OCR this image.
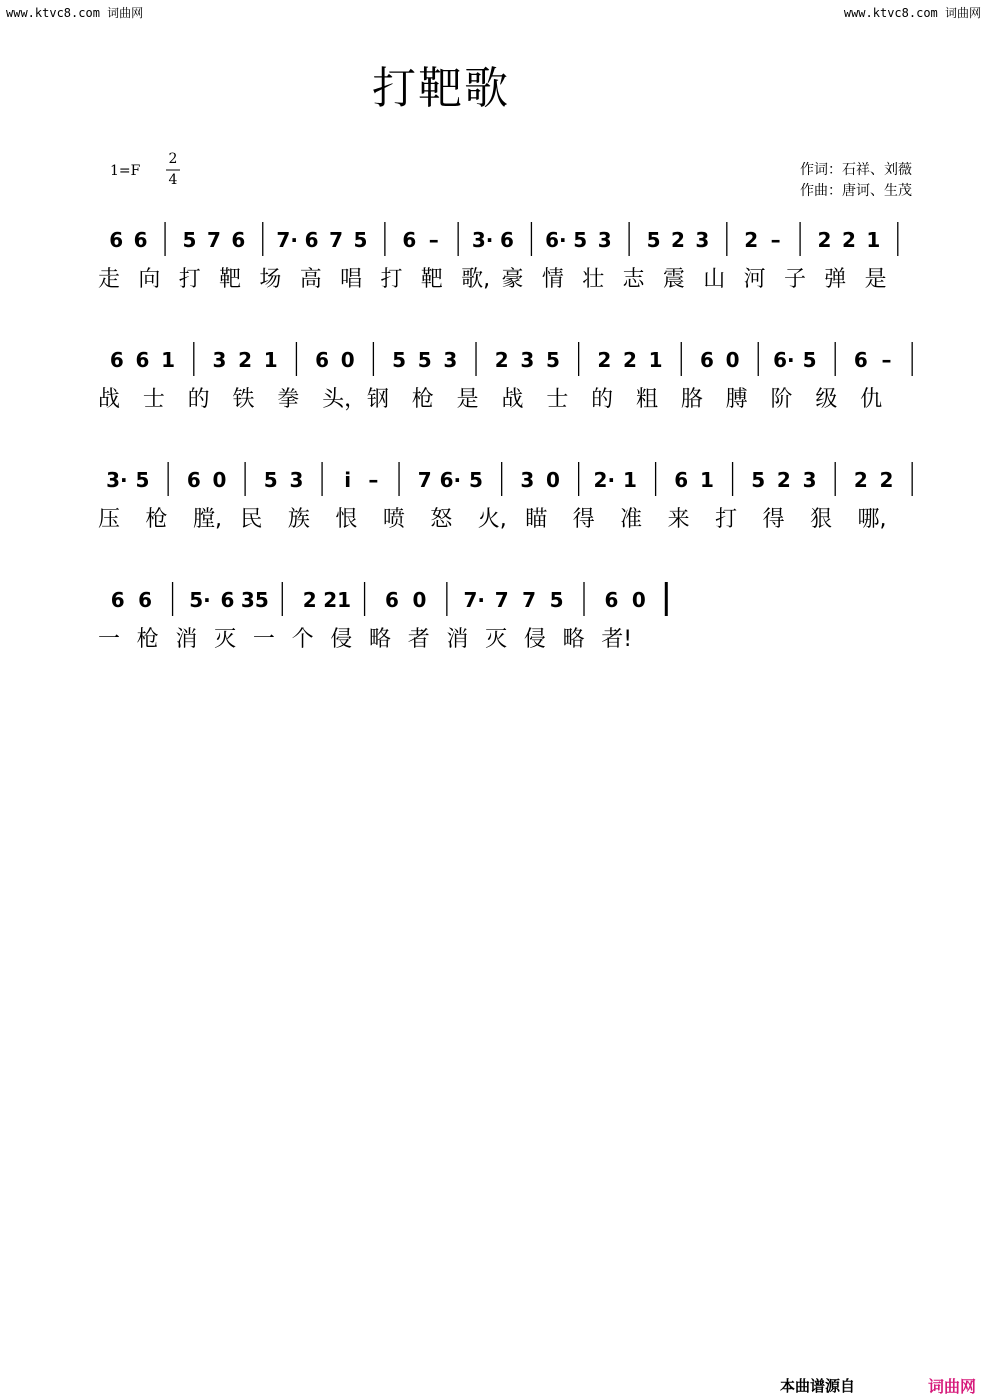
www.ktvc8.com 词曲网	www.ktvc8.com 词曲网
打靶歌
1=F
2
4
作词：石祥、刘薇
作曲：唐诃、生茂
6 6 5 7 6 7· 6 7 5 6 – 3· 6 6· 5 3 5 2 3 2 – 2 2 1
走 向 打 靶 场 高 唱 打 靶 歌, 豪 情 壮 志 震 山 河 子 弹 是
6 6 1 3 2 1 6 0 5 5 3 2 3 5 2 2 1 6 0 6· 5 6 –
战 士 的 铁 拳 头， 钢 枪 是 战 士 的 粗 胳 膊 阶 级 仇
3· 5 6 0 5 3 i – 7 6· 5 3 0 2· 1 6 1 5 2 3 2 2
压 枪 膛, 民 族 恨 喷 怒 火, 瞄 得 准 来 打 得 狠 哪,
6 6 5· 6 35 2 21 6 0 7· 7 7 5 6 0
一 枪 消 灭 一 个 侵 略 者 消 灭 侵 略 者!
本曲谱源自	词曲网
